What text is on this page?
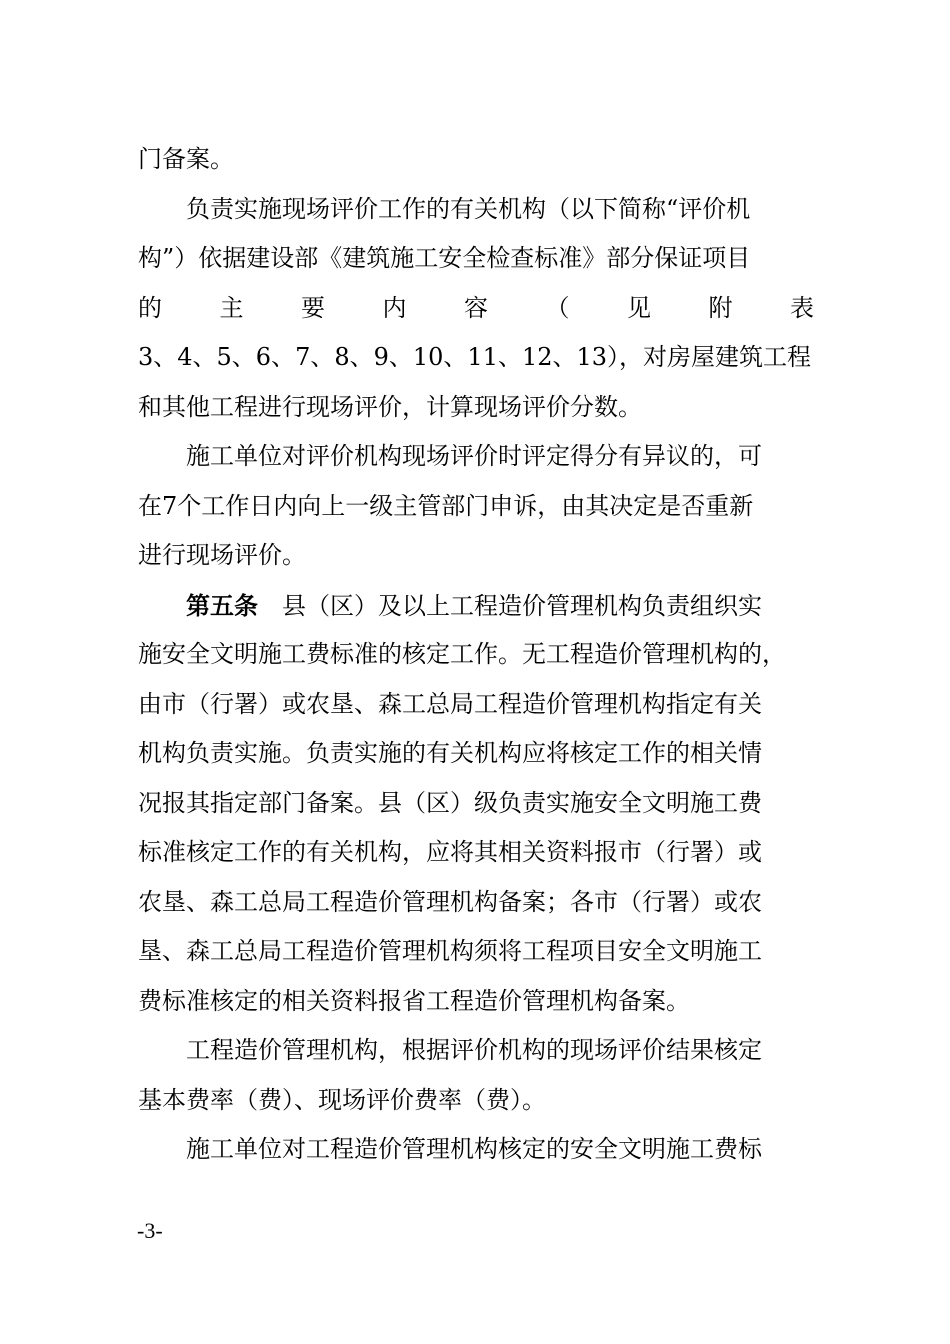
门备案。
负责实施现场评价工作的有关机构（以下简称“评价机
构”）依据建设部《建筑施工安全检查标准》部分保证项目
的 主 要 内 容 （ 见 附 表
3、4、5、6、7、8、9、10、11、12、13），对房屋建筑工程
和其他工程进行现场评价，计算现场评价分数。
施工单位对评价机构现场评价时评定得分有异议的，可
在7个工作日内向上一级主管部门申诉，由其决定是否重新
进行现场评价。
第五条　县（区）及以上工程造价管理机构负责组织实
施安全文明施工费标准的核定工作。无工程造价管理机构的，
由市（行署）或农垦、森工总局工程造价管理机构指定有关
机构负责实施。负责实施的有关机构应将核定工作的相关情
况报其指定部门备案。县（区）级负责实施安全文明施工费
标准核定工作的有关机构，应将其相关资料报市（行署）或
农垦、森工总局工程造价管理机构备案；各市（行署）或农
垦、森工总局工程造价管理机构须将工程项目安全文明施工
费标准核定的相关资料报省工程造价管理机构备案。
工程造价管理机构，根据评价机构的现场评价结果核定
基本费率（费）、现场评价费率（费）。
施工单位对工程造价管理机构核定的安全文明施工费标
-3-
